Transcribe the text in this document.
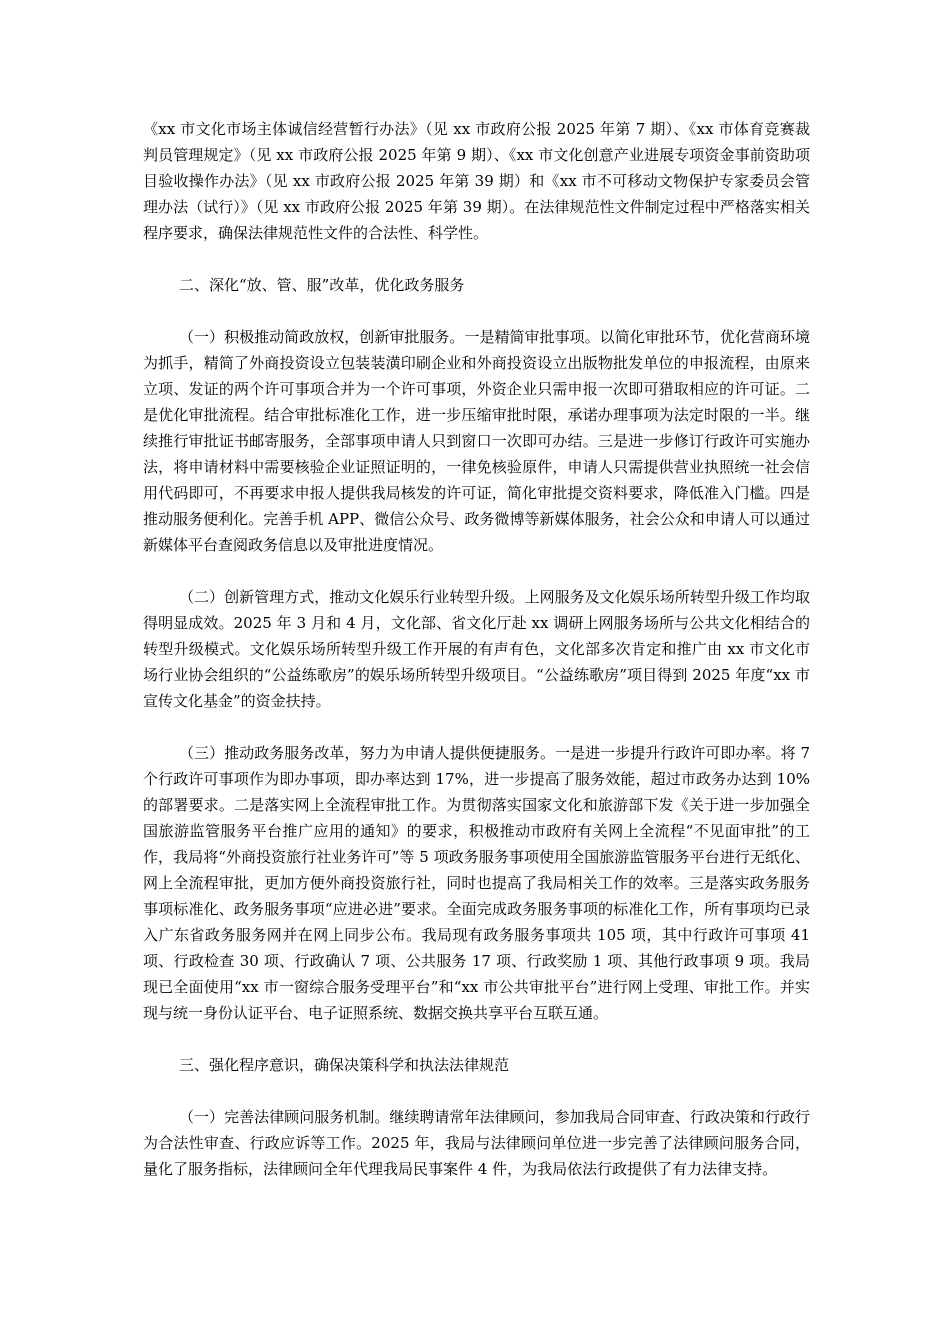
《xx 市文化市场主体诚信经营暂行办法》（见 xx 市政府公报 2025 年第 7 期）、《xx 市体育竞赛裁判员管理规定》（见 xx 市政府公报 2025 年第 9 期）、《xx 市文化创意产业进展专项资金事前资助项目验收操作办法》（见 xx 市政府公报 2025 年第 39 期）和《xx 市不可移动文物保护专家委员会管理办法（试行）》（见 xx 市政府公报 2025 年第 39 期）。在法律规范性文件制定过程中严格落实相关程序要求，确保法律规范性文件的合法性、科学性。

二、深化“放、管、服”改革，优化政务服务

（一）积极推动简政放权，创新审批服务。一是精简审批事项。以简化审批环节，优化营商环境为抓手，精简了外商投资设立包装装潢印刷企业和外商投资设立出版物批发单位的申报流程，由原来立项、发证的两个许可事项合并为一个许可事项，外资企业只需申报一次即可猎取相应的许可证。二是优化审批流程。结合审批标准化工作，进一步压缩审批时限，承诺办理事项为法定时限的一半。继续推行审批证书邮寄服务，全部事项申请人只到窗口一次即可办结。三是进一步修订行政许可实施办法，将申请材料中需要核验企业证照证明的，一律免核验原件，申请人只需提供营业执照统一社会信用代码即可，不再要求申报人提供我局核发的许可证，简化审批提交资料要求，降低准入门槛。四是推动服务便利化。完善手机 APP、微信公众号、政务微博等新媒体服务，社会公众和申请人可以通过新媒体平台查阅政务信息以及审批进度情况。

（二）创新管理方式，推动文化娱乐行业转型升级。上网服务及文化娱乐场所转型升级工作均取得明显成效。2025 年 3 月和 4 月，文化部、省文化厅赴 xx 调研上网服务场所与公共文化相结合的转型升级模式。文化娱乐场所转型升级工作开展的有声有色，文化部多次肯定和推广由 xx 市文化市场行业协会组织的“公益练歌房”的娱乐场所转型升级项目。“公益练歌房”项目得到 2025 年度“xx 市宣传文化基金”的资金扶持。

（三）推动政务服务改革，努力为申请人提供便捷服务。一是进一步提升行政许可即办率。将 7 个行政许可事项作为即办事项，即办率达到 17%，进一步提高了服务效能，超过市政务办达到 10%的部署要求。二是落实网上全流程审批工作。为贯彻落实国家文化和旅游部下发《关于进一步加强全国旅游监管服务平台推广应用的通知》的要求，积极推动市政府有关网上全流程“不见面审批”的工作，我局将“外商投资旅行社业务许可”等 5 项政务服务事项使用全国旅游监管服务平台进行无纸化、网上全流程审批，更加方便外商投资旅行社，同时也提高了我局相关工作的效率。三是落实政务服务事项标准化、政务服务事项“应进必进”要求。全面完成政务服务事项的标准化工作，所有事项均已录入广东省政务服务网并在网上同步公布。我局现有政务服务事项共 105 项，其中行政许可事项 41 项、行政检查 30 项、行政确认 7 项、公共服务 17 项、行政奖励 1 项、其他行政事项 9 项。我局现已全面使用“xx 市一窗综合服务受理平台”和“xx 市公共审批平台”进行网上受理、审批工作。并实现与统一身份认证平台、电子证照系统、数据交换共享平台互联互通。

三、强化程序意识，确保决策科学和执法法律规范

（一）完善法律顾问服务机制。继续聘请常年法律顾问，参加我局合同审查、行政决策和行政行为合法性审查、行政应诉等工作。2025 年，我局与法律顾问单位进一步完善了法律顾问服务合同，量化了服务指标，法律顾问全年代理我局民事案件 4 件，为我局依法行政提供了有力法律支持。
